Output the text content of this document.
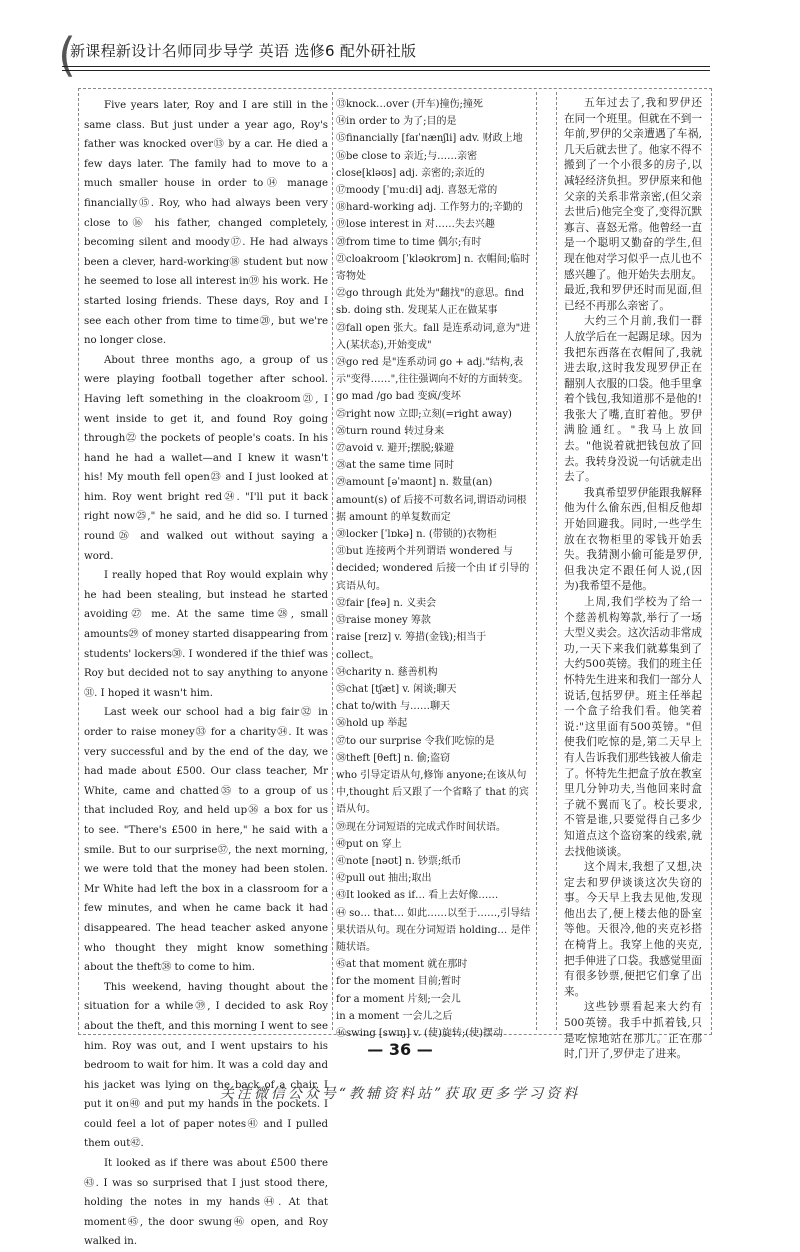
(
新课程新设计名师同步导学 英语 选修6 配外研社版

Five years later, Roy and I are still in the same class. But just under a year ago, Roy's father was knocked over⑬ by a car. He died a few days later. The family had to move to a much smaller house in order to⑭ manage financially⑮. Roy, who had always been very close to⑯ his father, changed completely, becoming silent and moody⑰. He had always been a clever, hard-working⑱ student but now he seemed to lose all interest in⑲ his work. He started losing friends. These days, Roy and I see each other from time to time⑳, but we're no longer close.

About three months ago, a group of us were playing football together after school. Having left something in the cloakroom㉑, I went inside to get it, and found Roy going through㉒ the pockets of people's coats. In his hand he had a wallet—and I knew it wasn't his! My mouth fell open㉓ and I just looked at him. Roy went bright red㉔. "I'll put it back right now㉕," he said, and he did so. I turned round㉖ and walked out without saying a word.

I really hoped that Roy would explain why he had been stealing, but instead he started avoiding㉗ me. At the same time㉘, small amounts㉙ of money started disappearing from students' lockers㉚. I wondered if the thief was Roy but decided not to say anything to anyone㉛. I hoped it wasn't him.

Last week our school had a big fair㉜ in order to raise money㉝ for a charity㉞. It was very successful and by the end of the day, we had made about £500. Our class teacher, Mr White, came and chatted㉟ to a group of us that included Roy, and held up㊱ a box for us to see. "There's £500 in here," he said with a smile. But to our surprise㊲, the next morning, we were told that the money had been stolen. Mr White had left the box in a classroom for a few minutes, and when he came back it had disappeared. The head teacher asked anyone who thought they might know something about the theft㊳ to come to him.

This weekend, having thought about the situation for a while㊴, I decided to ask Roy about the theft, and this morning I went to see him. Roy was out, and I went upstairs to his bedroom to wait for him. It was a cold day and his jacket was lying on the back of a chair. I put it on㊵ and put my hands in the pockets. I could feel a lot of paper notes㊶ and I pulled them out㊷.

It looked as if there was about £500 there㊸. I was so surprised that I just stood there, holding the notes in my hands㊹. At that moment㊺, the door swung㊻ open, and Roy walked in.

⑬knock…over (开车)撞伤;撞死
⑭in order to 为了;目的是
⑮financially [faɪˈnænʃli] adv. 财政上地
⑯be close to 亲近;与……亲密
close[kləʊs] adj. 亲密的;亲近的
⑰moody [ˈmuːdi] adj. 喜怒无常的
⑱hard-working adj. 工作努力的;辛勤的
⑲lose interest in 对……失去兴趣
⑳from time to time 偶尔;有时
㉑cloakroom [ˈkləʊkrʊm] n. 衣帽间;临时寄物处
㉒go through 此处为"翻找"的意思。find sb. doing sth. 发现某人正在做某事
㉓fall open 张大。fall 是连系动词,意为"进入(某状态),开始变成"
㉔go red 是"连系动词 go + adj."结构,表示"变得……",往往强调向不好的方面转变。go mad /go bad 变疯/变坏
㉕right now 立即;立刻(=right away)
㉖turn round 转过身来
㉗avoid v. 避开;摆脱;躲避
㉘at the same time 同时
㉙amount [əˈmaʊnt] n. 数量(an) amount(s) of 后接不可数名词,谓语动词根据 amount 的单复数而定
㉚locker [ˈlɒkə] n. (带锁的)衣物柜
㉛but 连接两个并列谓语 wondered 与 decided; wondered 后接一个由 if 引导的宾语从句。
㉜fair [feə] n. 义卖会
㉝raise money 筹款
raise [reɪz] v. 筹措(金钱);相当于 collect。
㉞charity n. 慈善机构
㉟chat [tʃæt] v. 闲谈;聊天
chat to/with 与……聊天
㊱hold up 举起
㊲to our surprise 令我们吃惊的是
㊳theft [θeft] n. 偷;盗窃
who 引导定语从句,修饰 anyone;在该从句中,thought 后又跟了一个省略了 that 的宾语从句。
㊴现在分词短语的完成式作时间状语。
㊵put on 穿上
㊶note [nəʊt] n. 钞票;纸币
㊷pull out 抽出;取出
㊸It looked as if… 看上去好像……
㊹ so… that… 如此……以至于……,引导结果状语从句。现在分词短语 holding… 是伴随状语。
㊺at that moment 就在那时
for the moment 目前;暂时
for a moment 片刻;一会儿
in a moment 一会儿之后
㊻swing [swɪŋ] v. (使)旋转;(使)摆动

五年过去了,我和罗伊还在同一个班里。但就在不到一年前,罗伊的父亲遭遇了车祸,几天后就去世了。他家不得不搬到了一个小很多的房子,以减轻经济负担。罗伊原来和他父亲的关系非常亲密,(但父亲去世后)他完全变了,变得沉默寡言、喜怒无常。他曾经一直是一个聪明又勤奋的学生,但现在他对学习似乎一点儿也不感兴趣了。他开始失去朋友。最近,我和罗伊还时而见面,但已经不再那么亲密了。

大约三个月前,我们一群人放学后在一起踢足球。因为我把东西落在衣帽间了,我就进去取,这时我发现罗伊正在翻别人衣服的口袋。他手里拿着个钱包,我知道那不是他的!我张大了嘴,直盯着他。罗伊满脸通红。"我马上放回去。"他说着就把钱包放了回去。我转身没说一句话就走出去了。

我真希望罗伊能跟我解释他为什么偷东西,但相反他却开始回避我。同时,一些学生放在衣物柜里的零钱开始丢失。我猜测小偷可能是罗伊,但我决定不跟任何人说,(因为)我希望不是他。

上周,我们学校为了给一个慈善机构筹款,举行了一场大型义卖会。这次活动非常成功,一天下来我们就募集到了大约500英镑。我们的班主任怀特先生进来和我们一部分人说话,包括罗伊。班主任举起一个盒子给我们看。他笑着说:"这里面有500英镑。"但使我们吃惊的是,第二天早上有人告诉我们那些钱被人偷走了。怀特先生把盒子放在教室里几分钟功夫,当他回来时盒子就不翼而飞了。校长要求,不管是谁,只要觉得自己多少知道点这个盗窃案的线索,就去找他谈谈。

这个周末,我想了又想,决定去和罗伊谈谈这次失窃的事。今天早上我去见他,发现他出去了,便上楼去他的卧室等他。天很冷,他的夹克衫搭在椅背上。我穿上他的夹克,把手伸进了口袋。我感觉里面有很多钞票,便把它们拿了出来。

这些钞票看起来大约有500英镑。我手中抓着钱,只是吃惊地站在那儿。正在那时,门开了,罗伊走了进来。

— 36 —
关注微信公众号“教辅资料站”获取更多学习资料
